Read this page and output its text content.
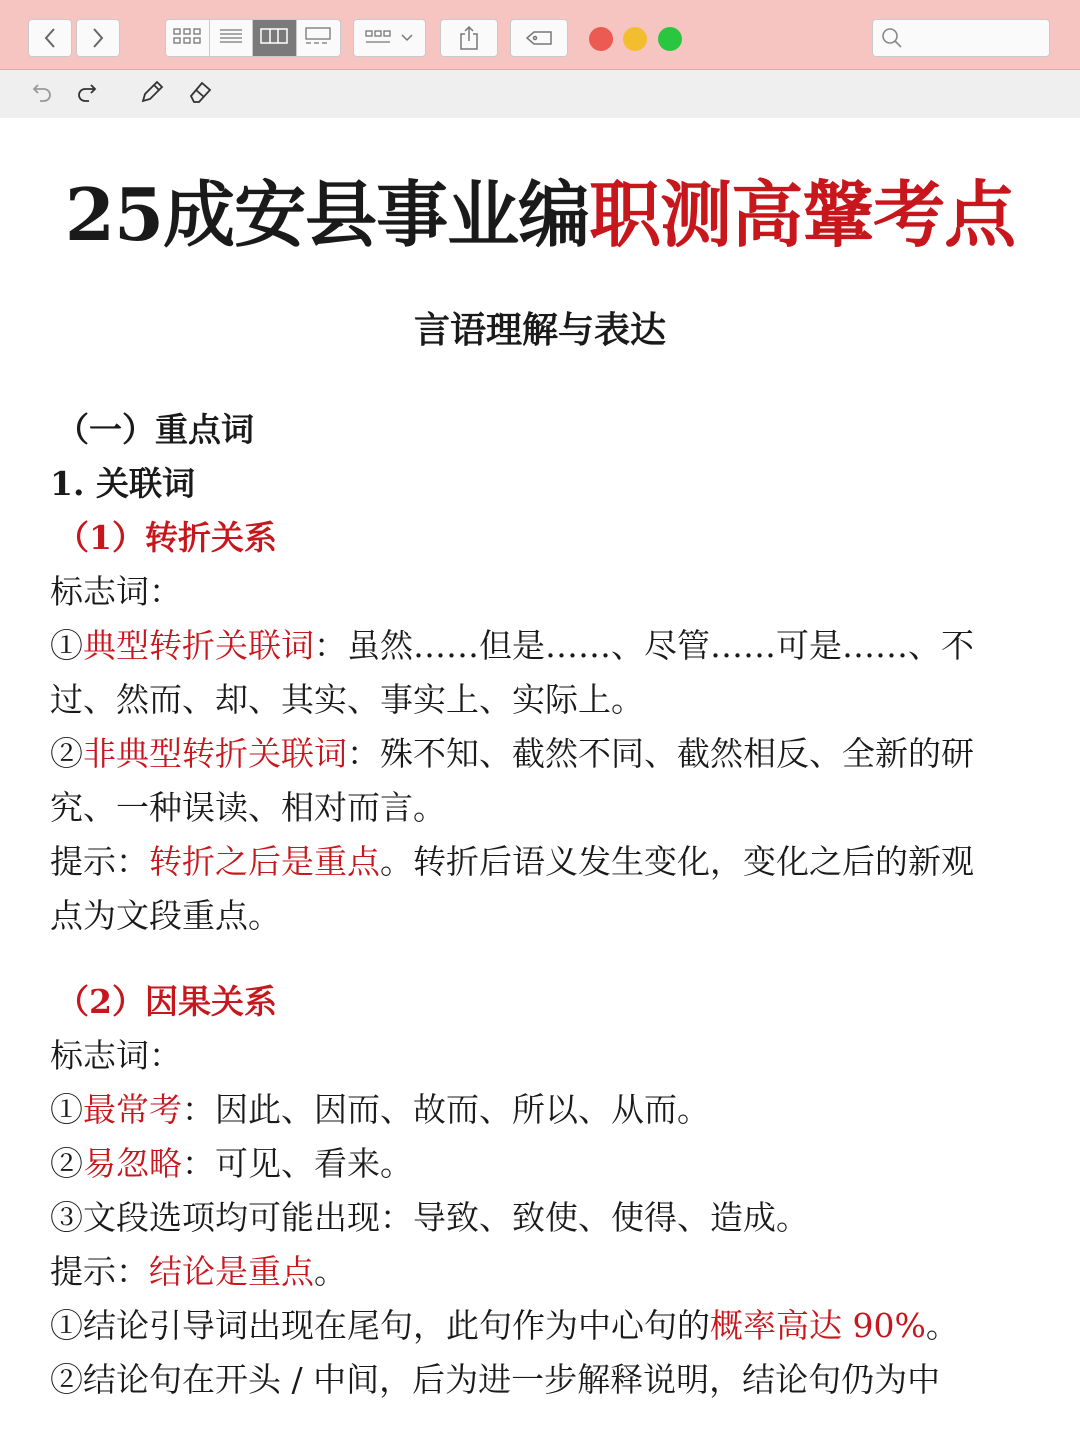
25成安县事业编职测高鞶考点
言语理解与表达
（一）重点词
1. 关联词
（1）转折关系
标志词：
①典型转折关联词：虽然……但是……、尽管……可是……、不
过、然而、却、其实、事实上、实际上。
②非典型转折关联词：殊不知、截然不同、截然相反、全新的研
究、一种误读、相对而言。
提示：转折之后是重点。转折后语义发生变化，变化之后的新观
点为文段重点。
（2）因果关系
标志词：
①最常考：因此、因而、故而、所以、从而。
②易忽略：可见、看来。
③文段选项均可能出现：导致、致使、使得、造成。
提示：结论是重点。
①结论引导词出现在尾句，此句作为中心句的概率高达 90%。
②结论句在开头 / 中间，后为进一步解释说明，结论句仍为中
